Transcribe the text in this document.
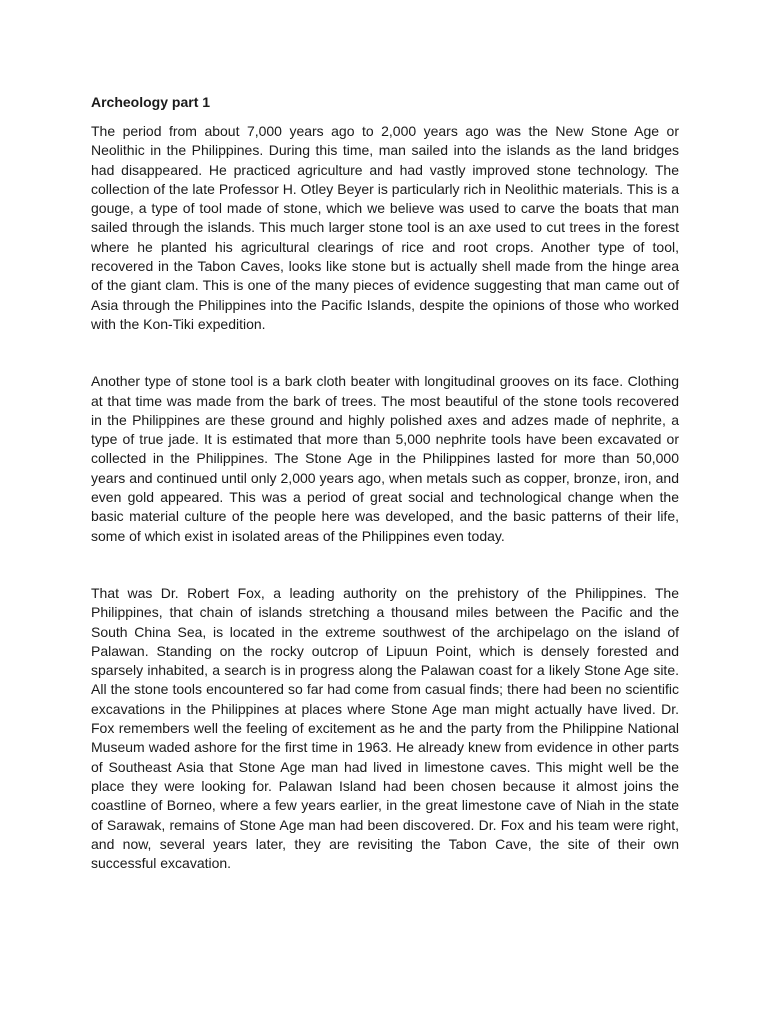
Archeology part 1

The period from about 7,000 years ago to 2,000 years ago was the New Stone Age or Neolithic in the Philippines. During this time, man sailed into the islands as the land bridges had disappeared. He practiced agriculture and had vastly improved stone technology. The collection of the late Professor H. Otley Beyer is particularly rich in Neolithic materials. This is a gouge, a type of tool made of stone, which we believe was used to carve the boats that man sailed through the islands. This much larger stone tool is an axe used to cut trees in the forest where he planted his agricultural clearings of rice and root crops. Another type of tool, recovered in the Tabon Caves, looks like stone but is actually shell made from the hinge area of the giant clam. This is one of the many pieces of evidence suggesting that man came out of Asia through the Philippines into the Pacific Islands, despite the opinions of those who worked with the Kon-Tiki expedition.

Another type of stone tool is a bark cloth beater with longitudinal grooves on its face. Clothing at that time was made from the bark of trees. The most beautiful of the stone tools recovered in the Philippines are these ground and highly polished axes and adzes made of nephrite, a type of true jade. It is estimated that more than 5,000 nephrite tools have been excavated or collected in the Philippines. The Stone Age in the Philippines lasted for more than 50,000 years and continued until only 2,000 years ago, when metals such as copper, bronze, iron, and even gold appeared. This was a period of great social and technological change when the basic material culture of the people here was developed, and the basic patterns of their life, some of which exist in isolated areas of the Philippines even today.

That was Dr. Robert Fox, a leading authority on the prehistory of the Philippines. The Philippines, that chain of islands stretching a thousand miles between the Pacific and the South China Sea, is located in the extreme southwest of the archipelago on the island of Palawan. Standing on the rocky outcrop of Lipuun Point, which is densely forested and sparsely inhabited, a search is in progress along the Palawan coast for a likely Stone Age site. All the stone tools encountered so far had come from casual finds; there had been no scientific excavations in the Philippines at places where Stone Age man might actually have lived. Dr. Fox remembers well the feeling of excitement as he and the party from the Philippine National Museum waded ashore for the first time in 1963. He already knew from evidence in other parts of Southeast Asia that Stone Age man had lived in limestone caves. This might well be the place they were looking for. Palawan Island had been chosen because it almost joins the coastline of Borneo, where a few years earlier, in the great limestone cave of Niah in the state of Sarawak, remains of Stone Age man had been discovered. Dr. Fox and his team were right, and now, several years later, they are revisiting the Tabon Cave, the site of their own successful excavation.
